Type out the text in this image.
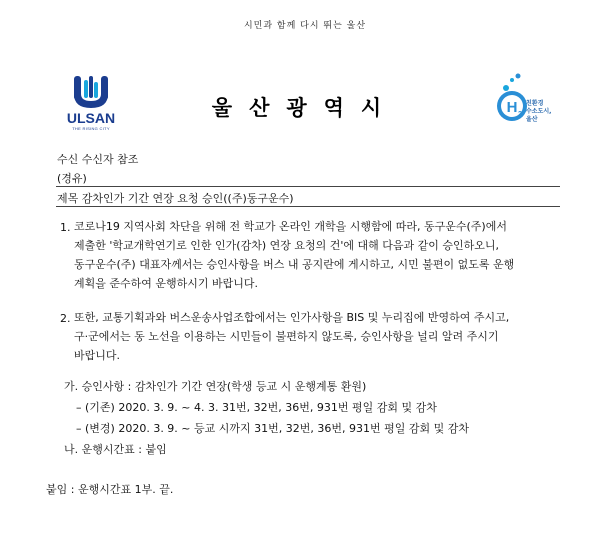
시민과 함께 다시 뛰는 울산
ULSAN
THE RISING CITY
울산광역시	H 2
친환경
수소도시,
울산
수신 수신자 참조
(경유)
제목 감차인가 기간 연장 요청 승인((주)동구운수)
1. 코로나19 지역사회 차단을 위해 전 학교가 온라인 개학을 시행함에 따라, 동구운수(주)에서
제출한 '학교개학연기로 인한 인가(감차) 연장 요청의 건'에 대해 다음과 같이 승인하오니,
동구운수(주) 대표자께서는 승인사항을 버스 내 공지란에 게시하고, 시민 불편이 없도록 운행
계획을 준수하여 운행하시기 바랍니다.
2. 또한, 교통기획과와 버스운송사업조합에서는 인가사항을 BIS 및 누리집에 반영하여 주시고,
구·군에서는 동 노선을 이용하는 시민들이 불편하지 않도록, 승인사항을 널리 알려 주시기
바랍니다.
가. 승인사항 : 감차인가 기간 연장(학생 등교 시 운행계통 환원)
– (기존) 2020. 3. 9. ~ 4. 3. 31번, 32번, 36번, 931번 평일 감회 및 감차
– (변경) 2020. 3. 9. ~ 등교 시까지 31번, 32번, 36번, 931번 평일 감회 및 감차
나. 운행시간표 : 붙임
붙임 : 운행시간표 1부. 끝.
